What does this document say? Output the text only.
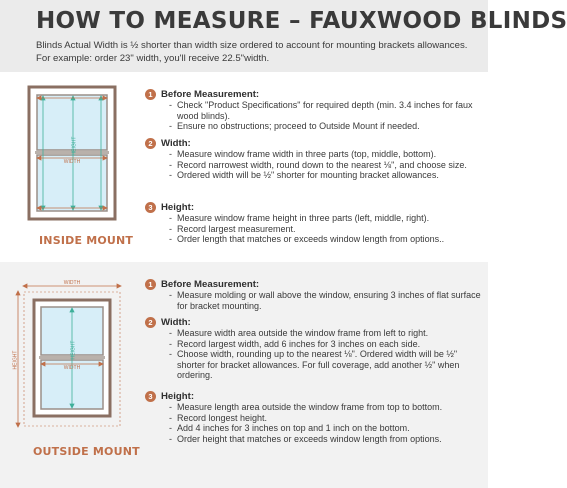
HOW TO MEASURE – FAUXWOOD BLINDS
Blinds Actual Width is ½ shorter than width size ordered to account for mounting brackets allowances. For example: order 23" width, you'll receive 22.5"width.
HEIGHT
WIDTH
INSIDE MOUNT
1 Before Measurement:
- Check "Product Specifications" for required depth (min. 3.4 inches for faux wood blinds).
- Ensure no obstructions; proceed to Outside Mount if needed.
2 Width:
- Measure window frame width in three parts (top, middle, bottom).
- Record narrowest width, round down to the nearest ⅛", and choose size.
- Ordered width will be ½" shorter for mounting bracket allowances.
3 Height:
- Measure window frame height in three parts (left, middle, right).
- Record largest measurement.
- Order length that matches or exceeds window length from options..
WIDTH
HEIGHT
HEIGHT
WIDTH
OUTSIDE MOUNT
1 Before Measurement:
- Measure molding or wall above the window, ensuring 3 inches of flat surface for bracket mounting.
2 Width:
- Measure width area outside the window frame from left to right.
- Record largest width, add 6 inches for 3 inches on each side.
- Choose width, rounding up to the nearest ⅛". Ordered width will be ½" shorter for bracket allowances. For full coverage, add another ½" when ordering.
3 Height:
- Measure length area outside the window frame from top to bottom.
- Record longest height.
- Add 4 inches for 3 inches on top and 1 inch on the bottom.
- Order height that matches or exceeds window length from options.
